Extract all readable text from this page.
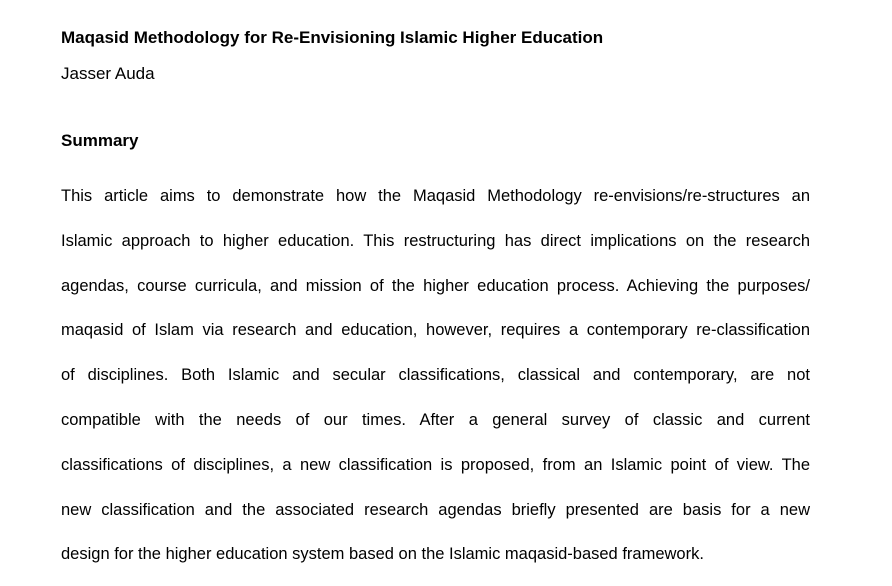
Maqasid Methodology for Re-Envisioning Islamic Higher Education
Jasser Auda
Summary
This article aims to demonstrate how the Maqasid Methodology re-envisions/re-structures an
Islamic approach to higher education. This restructuring has direct implications on the research
agendas, course curricula, and mission of the higher education process. Achieving the purposes/
maqasid of Islam via research and education, however, requires a contemporary re-classification
of disciplines. Both Islamic and secular classifications, classical and contemporary, are not
compatible with the needs of our times. After a general survey of classic and current
classifications of disciplines, a new classification is proposed, from an Islamic point of view. The
new classification and the associated research agendas briefly presented are basis for a new
design for the higher education system based on the Islamic maqasid-based framework.
